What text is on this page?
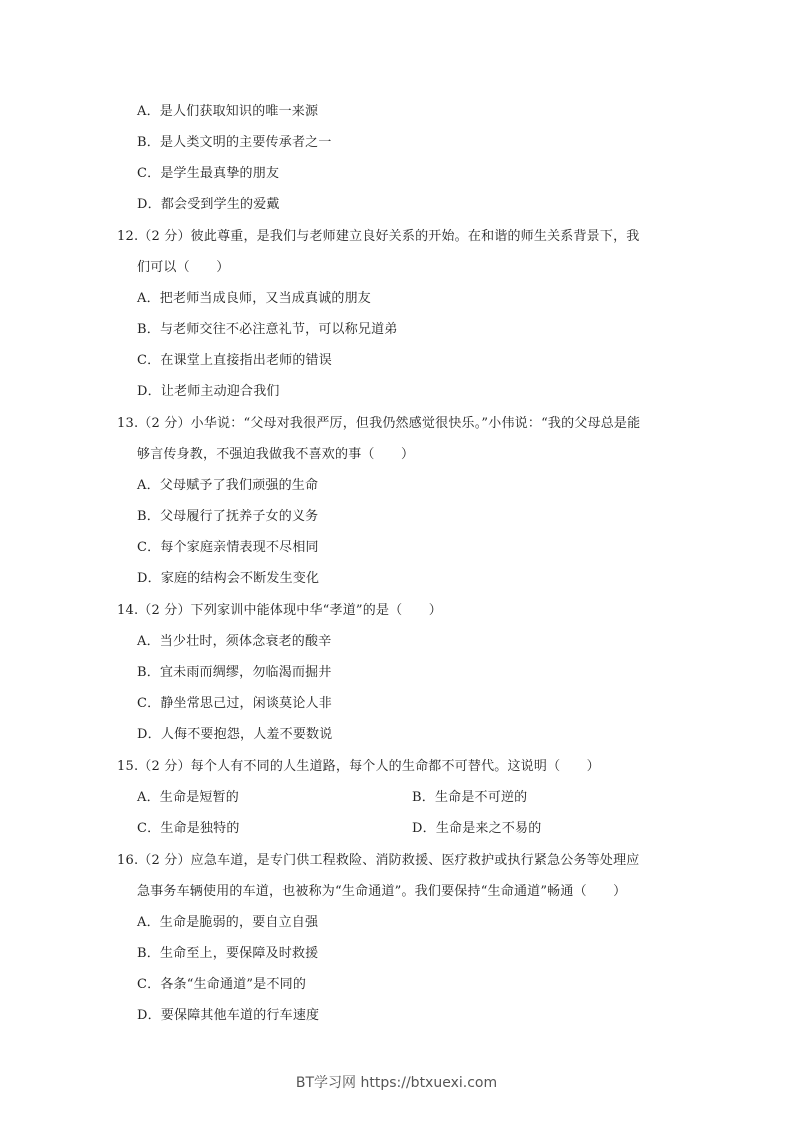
A．是人们获取知识的唯一来源
B．是人类文明的主要传承者之一
C．是学生最真挚的朋友
D．都会受到学生的爱戴
12.（2 分）彼此尊重，是我们与老师建立良好关系的开始。在和谐的师生关系背景下，我
们可以（　　）
A．把老师当成良师，又当成真诚的朋友
B．与老师交往不必注意礼节，可以称兄道弟
C．在课堂上直接指出老师的错误
D．让老师主动迎合我们
13.（2 分）小华说：“父母对我很严厉，但我仍然感觉很快乐。”小伟说：“我的父母总是能
够言传身教，不强迫我做我不喜欢的事（　　）
A．父母赋予了我们顽强的生命
B．父母履行了抚养子女的义务
C．每个家庭亲情表现不尽相同
D．家庭的结构会不断发生变化
14.（2 分）下列家训中能体现中华“孝道”的是（　　）
A．当少壮时，须体念衰老的酸辛
B．宜未雨而绸缪，勿临渴而掘井
C．静坐常思己过，闲谈莫论人非
D．人侮不要抱怨，人羞不要数说
15.（2 分）每个人有不同的人生道路，每个人的生命都不可替代。这说明（　　）
A．生命是短暂的	B．生命是不可逆的
C．生命是独特的	D．生命是来之不易的
16.（2 分）应急车道，是专门供工程救险、消防救援、医疗救护或执行紧急公务等处理应
急事务车辆使用的车道，也被称为“生命通道”。我们要保持“生命通道”畅通（　　）
A．生命是脆弱的，要自立自强
B．生命至上，要保障及时救援
C．各条“生命通道”是不同的
D．要保障其他车道的行车速度
BT学习网 https://btxuexi.com
